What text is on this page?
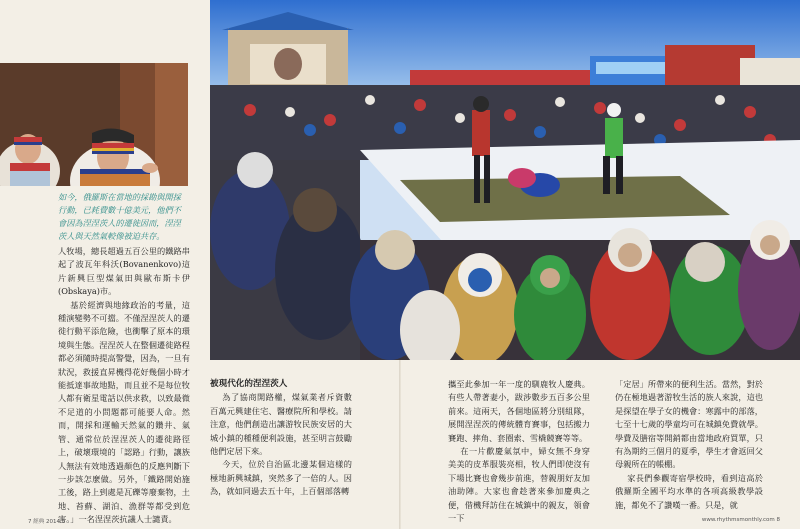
如今，俄羅斯在當地的採勘與開採行動，已耗費數十億美元，他們不會因為涅涅茨人的遷徙因而，涅涅茨人與天然氣較像被迫共存。

人牧場，總長超過五百公里的鐵路串起了波瓦年科沃(Bovanenkovo)這片新興巨型煤氣田與歐布斯卡伊(Obskaya)市。

基於經濟與地緣政治的考量，這種演變勢不可擋。不僅涅涅茨人的遷徙行動平添危險，也衝擊了原本的環境與生態。涅涅茨人在整個遷徙路程都必須隨時提高警覺，因為，一旦有狀況，救援直昇機得花好幾個小時才能抵達事故地點，而且並不是每位牧人都有衛星電話以供求救，以致最微不足道的小問題都可能要人命。然而，開採和運輸天然氣的鑽井、氣管、通常位於涅涅茨人的遷徙路徑上，破壞環境的「認路」行動，讓族人無法有效地透過顏色的反應判斷下一步該怎麼做。另外，「鐵路開始施工後，路上到處是瓦礫等廢棄物，土地、苔蘚、湖泊、漁群等都受到危害。」一名涅涅茨抗議人士譴責。

被現代化的涅涅茨人

為了協商開路權，煤氣業者斥資數百萬元興建住宅、醫療院所和學校。請注意，他們創造出讓游牧民族安居的大城小鎮的種種便利設施，甚至明言鼓勵他們定居下來。

今天，位於自治區北邊某個這樣的極地新興城鎮，突然多了一倍的人。因為，就如同過去五十年，上百個部落轉

攜至此參加一年一度的馴鹿牧人慶典。有些人帶著妻小，跋涉數步五百多公里前來。這兩天，各個地區將分別組隊，展開涅涅茨的傳統體育賽事，包括搬力賽跑、摔角、套圈索、雪橇競賽等等。

在一片歡慶氣氛中，婦女無不身穿美美的皮革服裝亮相，牧人們即使沒有下場比賽也會幾步前進，替親朋好友加油助陣。大家也會趁著來參加慶典之便，借機拜訪住在城鎮中的親友，領會一下

「定居」所帶來的便利生活。當然，對於仍在極地過著游牧生活的族人來說，這也是探望在學子女的機會：寒露中的部落，七至十七歲的學童均可在城鎮免費就學。學費及膳宿等開銷都由當地政府買單，只有為期約三個月的夏季，學生才會返回父母親所在的帳棚。

家長們參觀寄宿學校時，看到這高於俄羅斯全國平均水準的各項高級教學設施，都免不了讚嘆一番。只是，就

7 經典 2014.8	www.rhythmsmonthly.com 8
